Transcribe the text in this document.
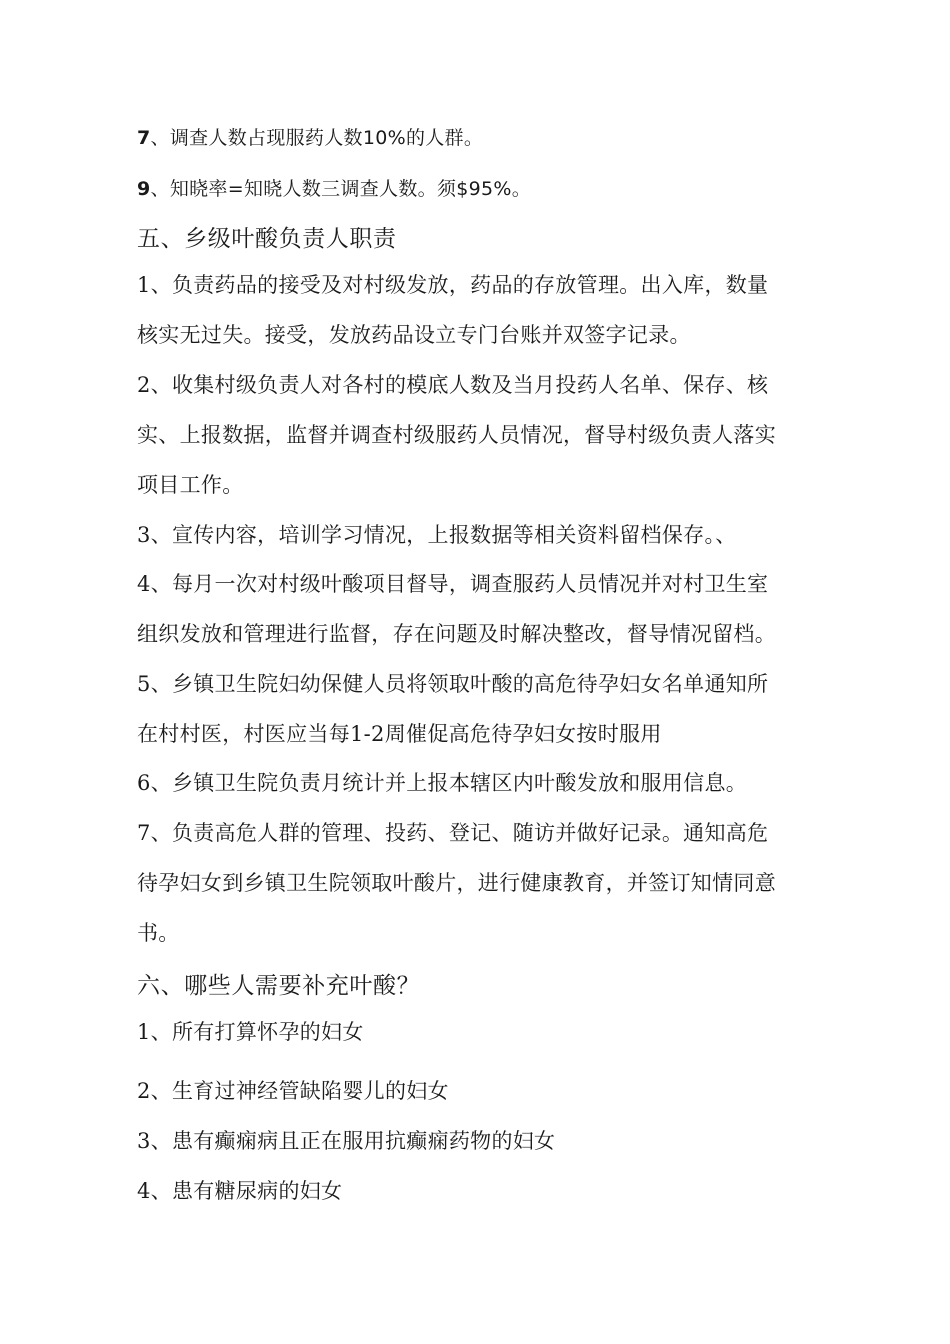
7、调查人数占现服药人数10%的人群。
9、知晓率=知晓人数三调查人数。须$95%。
五、乡级叶酸负责人职责
1、负责药品的接受及对村级发放，药品的存放管理。出入库，数量
核实无过失。接受，发放药品设立专门台账并双签字记录。
2、收集村级负责人对各村的模底人数及当月投药人名单、保存、核
实、上报数据，监督并调查村级服药人员情况，督导村级负责人落实
项目工作。
3、宣传内容，培训学习情况，上报数据等相关资料留档保存。、
4、每月一次对村级叶酸项目督导，调查服药人员情况并对村卫生室
组织发放和管理进行监督，存在问题及时解决整改，督导情况留档。
5、乡镇卫生院妇幼保健人员将领取叶酸的高危待孕妇女名单通知所
在村村医，村医应当每1-2周催促高危待孕妇女按时服用
6、乡镇卫生院负责月统计并上报本辖区内叶酸发放和服用信息。
7、负责高危人群的管理、投药、登记、随访并做好记录。通知高危
待孕妇女到乡镇卫生院领取叶酸片，进行健康教育，并签订知情同意
书。
六、哪些人需要补充叶酸？
1、所有打算怀孕的妇女
2、生育过神经管缺陷婴儿的妇女
3、患有癫痫病且正在服用抗癫痫药物的妇女
4、患有糖尿病的妇女
